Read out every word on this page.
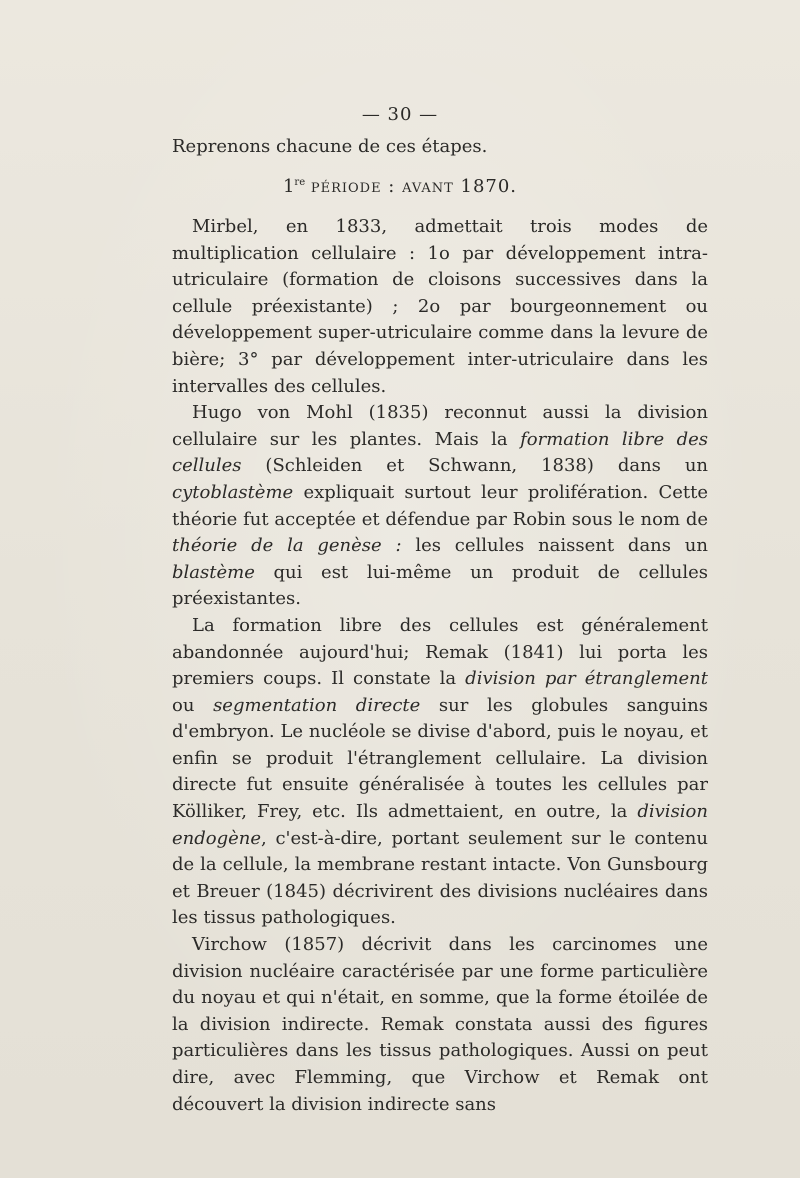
— 30 —
Reprenons chacune de ces étapes.
1re période : avant 1870.

Mirbel, en 1833, admettait trois modes de multiplication cellulaire : 1o par développement intra-utriculaire (formation de cloisons successives dans la cellule préexistante) ; 2o par bourgeonnement ou développement super-utriculaire comme dans la levure de bière; 3° par développement inter-utriculaire dans les intervalles des cellules.

Hugo von Mohl (1835) reconnut aussi la division cellulaire sur les plantes. Mais la formation libre des cellules (Schleiden et Schwann, 1838) dans un cytoblastème expliquait surtout leur prolifération. Cette théorie fut acceptée et défendue par Robin sous le nom de théorie de la genèse : les cellules naissent dans un blastème qui est lui-même un produit de cellules préexistantes.

La formation libre des cellules est généralement abandonnée aujourd'hui; Remak (1841) lui porta les premiers coups. Il constate la division par étranglement ou segmentation directe sur les globules sanguins d'embryon. Le nucléole se divise d'abord, puis le noyau, et enfin se produit l'étranglement cellulaire. La division directe fut ensuite généralisée à toutes les cellules par Kölliker, Frey, etc. Ils admettaient, en outre, la division endogène, c'est-à-dire, portant seulement sur le contenu de la cellule, la membrane restant intacte. Von Gunsbourg et Breuer (1845) décrivirent des divisions nucléaires dans les tissus pathologiques.

Virchow (1857) décrivit dans les carcinomes une division nucléaire caractérisée par une forme particulière du noyau et qui n'était, en somme, que la forme étoilée de la division indirecte. Remak constata aussi des figures particulières dans les tissus pathologiques. Aussi on peut dire, avec Flemming, que Virchow et Remak ont découvert la division indirecte sans
